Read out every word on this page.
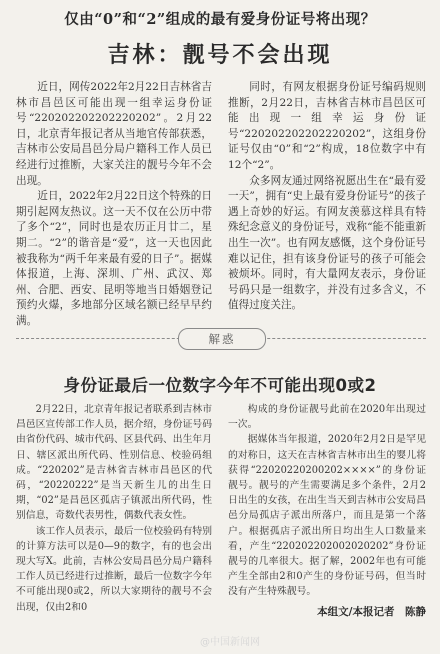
仅由“0”和“2”组成的最有爱身份证号将出现？
吉林：靓号不会出现

近日，网传2022年2月22日吉林省吉林市昌邑区可能出现一组幸运身份证号“220202202202220202”。2月22日，北京青年报记者从当地官传部获悉，吉林市公安局昌邑分局户籍科工作人员已经进行过推断，大家关注的靓号今年不会出现。

近日，2022年2月22日这个特殊的日期引起网友热议。这一天不仅在公历中带了多个“2”，同时也是农历正月廿二，星期二。“2”的谐音是“爱”，这一天也因此被我称为“两千年来最有爱的日子”。据媒体报道，上海、深圳、广州、武汉、郑州、合肥、西安、昆明等地当日婚姻登记预约火爆，多地部分区域名额已经早早约满。

同时，有网友根据身份证号编码规则推断，2月22日，吉林省吉林市昌邑区可能出现一组幸运身份证号“220202202202220202”，这组身份证号仅由“0”和“2”构成，18位数字中有12个“2”。

众多网友通过网络祝愿出生在“最有爱一天”，拥有“史上最有爱身份证号”的孩子遇上奇妙的好运。有网友羡慕这样具有特殊纪念意义的身份证号，戏称“能不能重新出生一次”。也有网友感慨，这个身份证号难以记住，担有该身份证号的孩子可能会被烦坏。同时，有大量网友表示，身份证号码只是一组数字，并没有过多含义，不值得过度关注。

解惑
身份证最后一位数字今年不可能出现0或2

2月22日，北京青年报记者联系到吉林市昌邑区宣传部工作人员，据介绍，身份证号码由省份代码、城市代码、区县代码、出生年月日、辖区派出所代码、性别信息、校验码组成。“220202”是吉林省吉林市昌邑区的代码，“20220222”是当天新生儿的出生日期，“02”是昌邑区孤店子镇派出所代码，性别信息，奇数代表男性，偶数代表女性。

该工作人员表示，最后一位校验码有特别的计算方法可以是0—9的数字，有的也会出现大写X。此前，吉林公安局昌邑分局户籍科工作人员已经进行过推断，最后一位数字今年不可能出现0或2，所以大家期待的靓号不会出现，仅由2和0

构成的身份证靓号此前在2020年出现过一次。

据媒体当年报道，2020年2月2日是罕见的对称日，这天在吉林省吉林市出生的婴儿将获得“22020220200202××××”的身份证靓号。靓号的产生需要满足多个条件，2月2日出生的女孩，在出生当天到吉林市公安局昌邑分局孤店子派出所落户，而且是第一个落户。根据孤店子派出所日均出生人口数量来看，产生“220202202002020202”身份证靓号的几率很大。据了解，2002年也有可能产生全部由2和0产生的身份证号码，但当时没有产生特殊靓号。

本组文/本报记者　陈静
@中国新闻网
